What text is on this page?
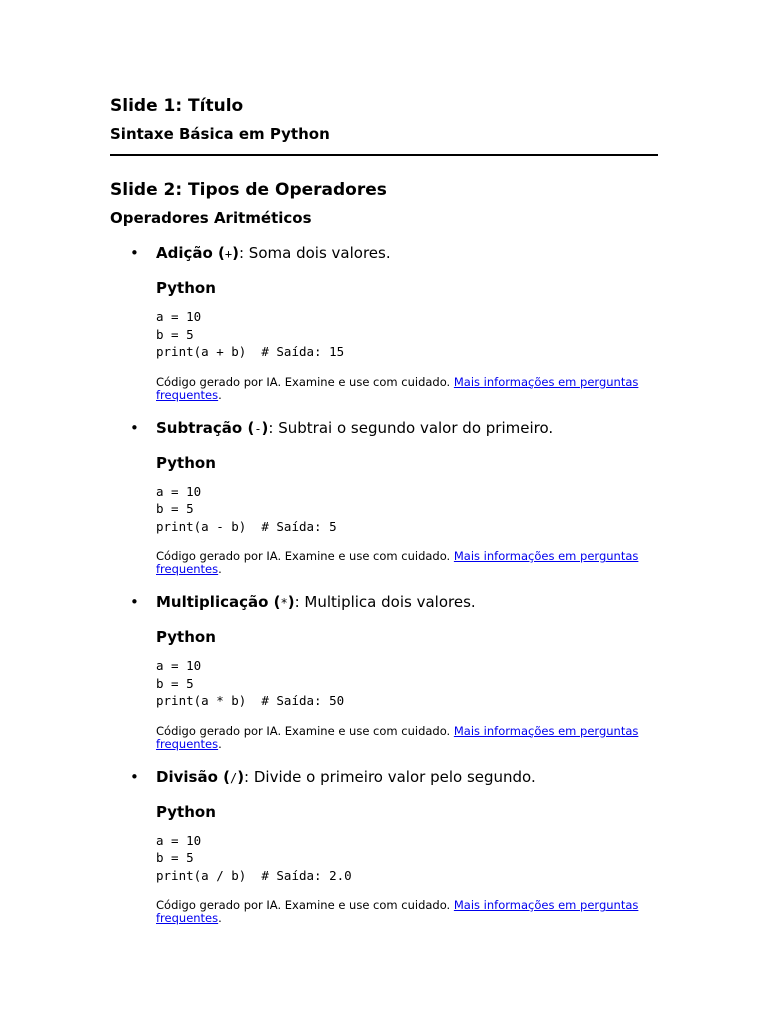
Slide 1: Título
Sintaxe Básica em Python
Slide 2: Tipos de Operadores
Operadores Aritméticos
• Adição (+): Soma dois valores.

Python

a = 10
b = 5
print(a + b)  # Saída: 15

Código gerado por IA. Examine e use com cuidado. Mais informações em perguntas frequentes.

• Subtração (-): Subtrai o segundo valor do primeiro.

Python

a = 10
b = 5
print(a - b)  # Saída: 5

Código gerado por IA. Examine e use com cuidado. Mais informações em perguntas frequentes.

• Multiplicação (*): Multiplica dois valores.

Python

a = 10
b = 5
print(a * b)  # Saída: 50

Código gerado por IA. Examine e use com cuidado. Mais informações em perguntas frequentes.

• Divisão (/): Divide o primeiro valor pelo segundo.

Python

a = 10
b = 5
print(a / b)  # Saída: 2.0

Código gerado por IA. Examine e use com cuidado. Mais informações em perguntas frequentes.
